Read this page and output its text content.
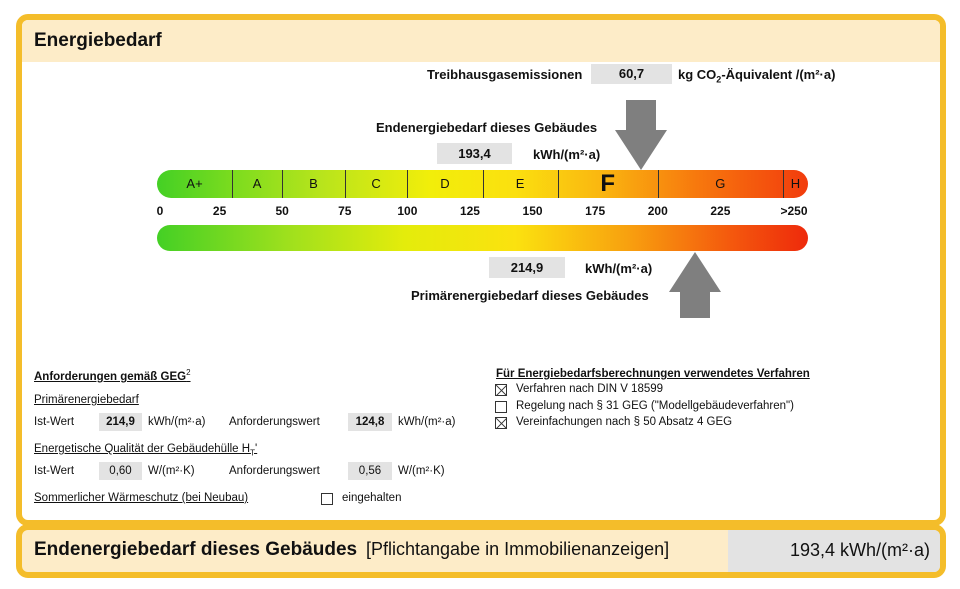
Energiebedarf
Treibhausgasemissionen	60,7	kg $CO_2$-Äquivalent /(m²·a)
Endenergiebedarf dieses Gebäudes
193,4	kWh/(m²·a)
A+	A	B	C	D	E	F	G	H
0	25	50	75	100	125	150	175	200	225	>250
214,9	kWh/(m²·a)
Primärenergiebedarf dieses Gebäudes
Anforderungen gemäß GEG$^2$
Primärenergiebedarf
Ist-Wert	214,9	kWh/(m²·a) Anforderungswert	124,8	kWh/(m²·a)
Energetische Qualität der Gebäudehülle $H_T'$
Ist-Wert	0,60	W/(m²·K)	Anforderungswert	0,56	W/(m²·K)
Sommerlicher Wärmeschutz (bei Neubau)	eingehalten
Für Energiebedarfsberechnungen verwendetes Verfahren
Verfahren nach DIN V 18599
Regelung nach § 31 GEG ("Modellgebäudeverfahren")
Vereinfachungen nach § 50 Absatz 4 GEG
Endenergiebedarf dieses Gebäudes [Pflichtangabe in Immobilienanzeigen]	193,4 kWh/(m²·a)
